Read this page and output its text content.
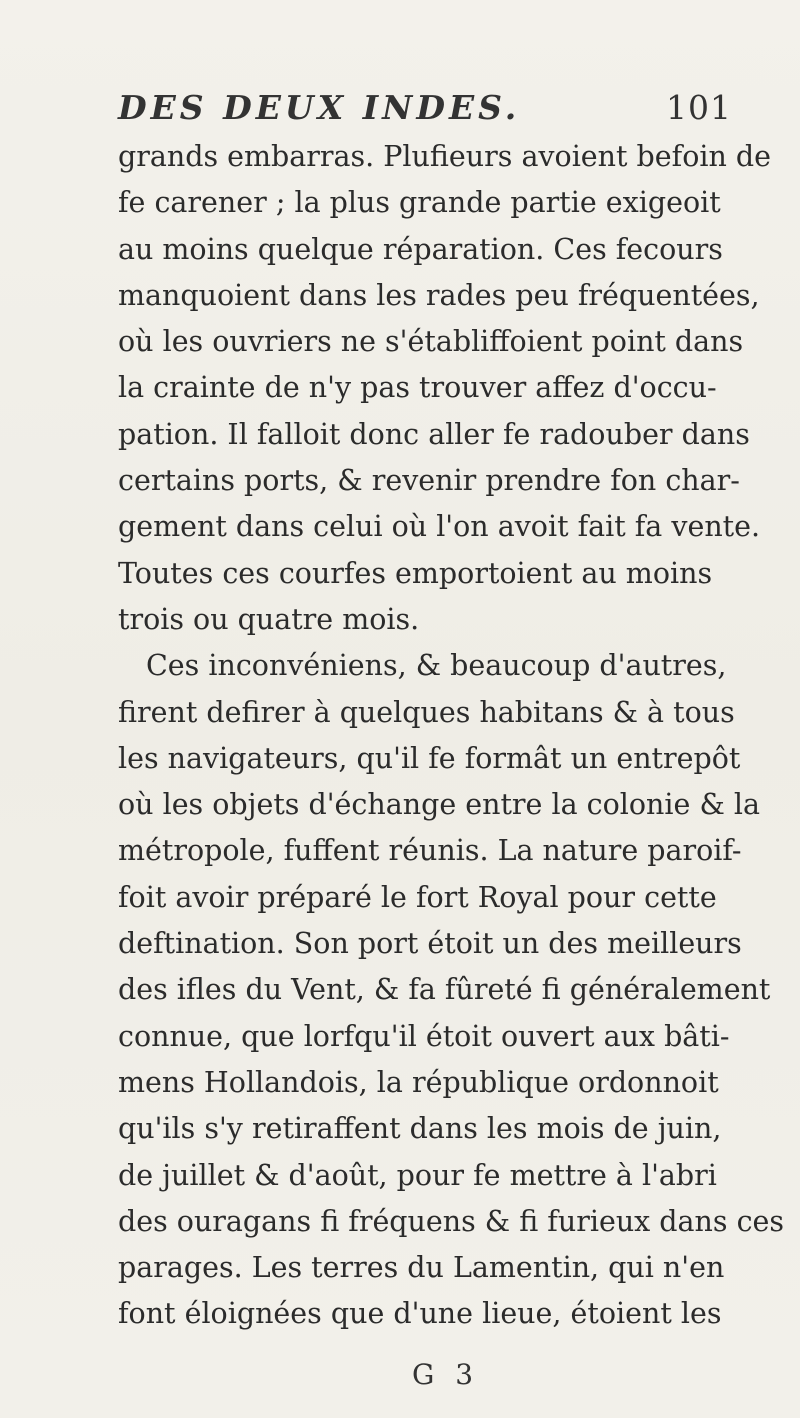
DES DEUX INDES.	101
grands embarras. Plufieurs avoient befoin de
fe carener ; la plus grande partie exigeoit
au moins quelque réparation. Ces fecours
manquoient dans les rades peu fréquentées,
où les ouvriers ne s'établiffoient point dans
la crainte de n'y pas trouver affez d'occu-
pation. Il falloit donc aller fe radouber dans
certains ports, & revenir prendre fon char-
gement dans celui où l'on avoit fait fa vente.
Toutes ces courfes emportoient au moins
trois ou quatre mois.
Ces inconvéniens, & beaucoup d'autres,
firent defirer à quelques habitans & à tous
les navigateurs, qu'il fe formât un entrepôt
où les objets d'échange entre la colonie & la
métropole, fuffent réunis. La nature paroif-
foit avoir préparé le fort Royal pour cette
deftination. Son port étoit un des meilleurs
des ifles du Vent, & fa fûreté fi généralement
connue, que lorfqu'il étoit ouvert aux bâti-
mens Hollandois, la république ordonnoit
qu'ils s'y retiraffent dans les mois de juin,
de juillet & d'août, pour fe mettre à l'abri
des ouragans fi fréquens & fi furieux dans ces
parages. Les terres du Lamentin, qui n'en
font éloignées que d'une lieue, étoient les
G 3
